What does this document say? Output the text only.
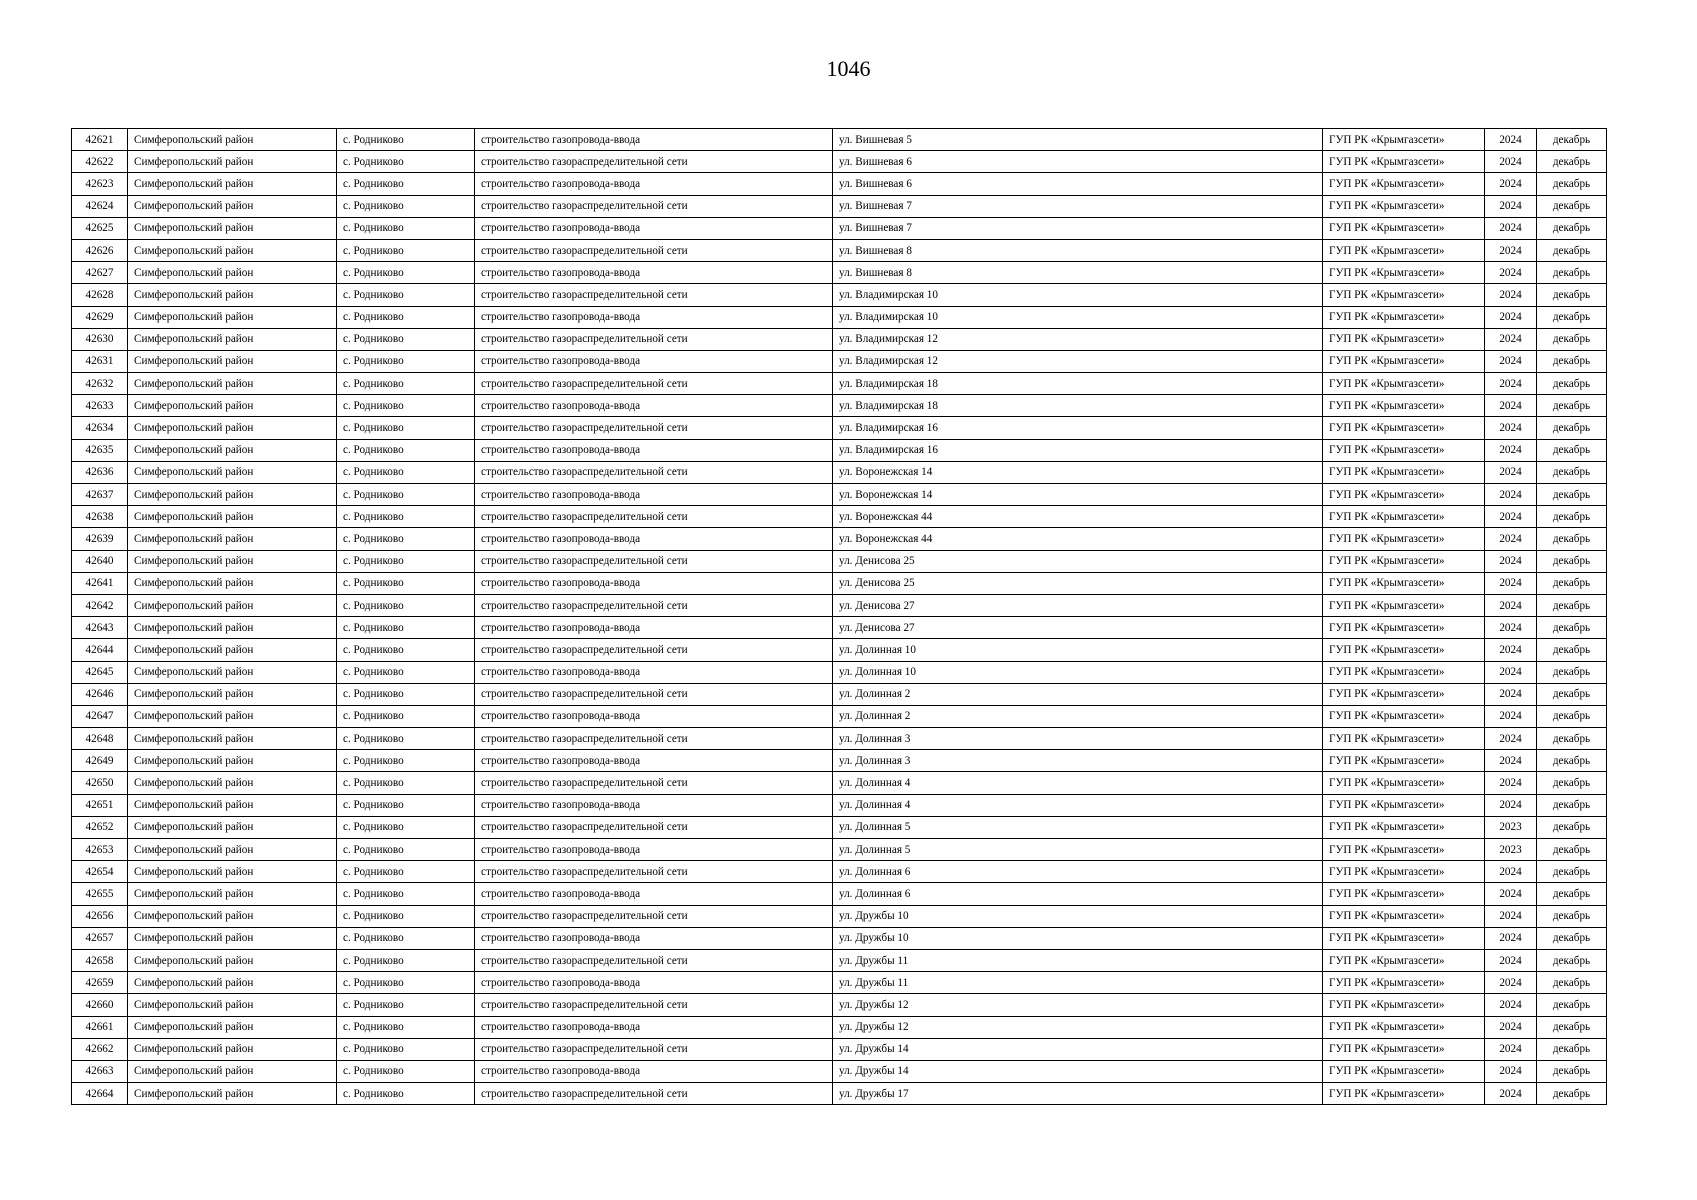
1046
42621	Симферопольский район	с. Родниково	строительство газопровода-ввода	ул. Вишневая 5	ГУП РК «Крымгазсети»	2024	декабрь
42622	Симферопольский район	с. Родниково	строительство газораспределительной сети	ул. Вишневая 6	ГУП РК «Крымгазсети»	2024	декабрь
42623	Симферопольский район	с. Родниково	строительство газопровода-ввода	ул. Вишневая 6	ГУП РК «Крымгазсети»	2024	декабрь
42624	Симферопольский район	с. Родниково	строительство газораспределительной сети	ул. Вишневая 7	ГУП РК «Крымгазсети»	2024	декабрь
42625	Симферопольский район	с. Родниково	строительство газопровода-ввода	ул. Вишневая 7	ГУП РК «Крымгазсети»	2024	декабрь
42626	Симферопольский район	с. Родниково	строительство газораспределительной сети	ул. Вишневая 8	ГУП РК «Крымгазсети»	2024	декабрь
42627	Симферопольский район	с. Родниково	строительство газопровода-ввода	ул. Вишневая 8	ГУП РК «Крымгазсети»	2024	декабрь
42628	Симферопольский район	с. Родниково	строительство газораспределительной сети	ул. Владимирская 10	ГУП РК «Крымгазсети»	2024	декабрь
42629	Симферопольский район	с. Родниково	строительство газопровода-ввода	ул. Владимирская 10	ГУП РК «Крымгазсети»	2024	декабрь
42630	Симферопольский район	с. Родниково	строительство газораспределительной сети	ул. Владимирская 12	ГУП РК «Крымгазсети»	2024	декабрь
42631	Симферопольский район	с. Родниково	строительство газопровода-ввода	ул. Владимирская 12	ГУП РК «Крымгазсети»	2024	декабрь
42632	Симферопольский район	с. Родниково	строительство газораспределительной сети	ул. Владимирская 18	ГУП РК «Крымгазсети»	2024	декабрь
42633	Симферопольский район	с. Родниково	строительство газопровода-ввода	ул. Владимирская 18	ГУП РК «Крымгазсети»	2024	декабрь
42634	Симферопольский район	с. Родниково	строительство газораспределительной сети	ул. Владимирская 16	ГУП РК «Крымгазсети»	2024	декабрь
42635	Симферопольский район	с. Родниково	строительство газопровода-ввода	ул. Владимирская 16	ГУП РК «Крымгазсети»	2024	декабрь
42636	Симферопольский район	с. Родниково	строительство газораспределительной сети	ул. Воронежская 14	ГУП РК «Крымгазсети»	2024	декабрь
42637	Симферопольский район	с. Родниково	строительство газопровода-ввода	ул. Воронежская 14	ГУП РК «Крымгазсети»	2024	декабрь
42638	Симферопольский район	с. Родниково	строительство газораспределительной сети	ул. Воронежская 44	ГУП РК «Крымгазсети»	2024	декабрь
42639	Симферопольский район	с. Родниково	строительство газопровода-ввода	ул. Воронежская 44	ГУП РК «Крымгазсети»	2024	декабрь
42640	Симферопольский район	с. Родниково	строительство газораспределительной сети	ул. Денисова 25	ГУП РК «Крымгазсети»	2024	декабрь
42641	Симферопольский район	с. Родниково	строительство газопровода-ввода	ул. Денисова 25	ГУП РК «Крымгазсети»	2024	декабрь
42642	Симферопольский район	с. Родниково	строительство газораспределительной сети	ул. Денисова 27	ГУП РК «Крымгазсети»	2024	декабрь
42643	Симферопольский район	с. Родниково	строительство газопровода-ввода	ул. Денисова 27	ГУП РК «Крымгазсети»	2024	декабрь
42644	Симферопольский район	с. Родниково	строительство газораспределительной сети	ул. Долинная 10	ГУП РК «Крымгазсети»	2024	декабрь
42645	Симферопольский район	с. Родниково	строительство газопровода-ввода	ул. Долинная 10	ГУП РК «Крымгазсети»	2024	декабрь
42646	Симферопольский район	с. Родниково	строительство газораспределительной сети	ул. Долинная 2	ГУП РК «Крымгазсети»	2024	декабрь
42647	Симферопольский район	с. Родниково	строительство газопровода-ввода	ул. Долинная 2	ГУП РК «Крымгазсети»	2024	декабрь
42648	Симферопольский район	с. Родниково	строительство газораспределительной сети	ул. Долинная 3	ГУП РК «Крымгазсети»	2024	декабрь
42649	Симферопольский район	с. Родниково	строительство газопровода-ввода	ул. Долинная 3	ГУП РК «Крымгазсети»	2024	декабрь
42650	Симферопольский район	с. Родниково	строительство газораспределительной сети	ул. Долинная 4	ГУП РК «Крымгазсети»	2024	декабрь
42651	Симферопольский район	с. Родниково	строительство газопровода-ввода	ул. Долинная 4	ГУП РК «Крымгазсети»	2024	декабрь
42652	Симферопольский район	с. Родниково	строительство газораспределительной сети	ул. Долинная 5	ГУП РК «Крымгазсети»	2023	декабрь
42653	Симферопольский район	с. Родниково	строительство газопровода-ввода	ул. Долинная 5	ГУП РК «Крымгазсети»	2023	декабрь
42654	Симферопольский район	с. Родниково	строительство газораспределительной сети	ул. Долинная 6	ГУП РК «Крымгазсети»	2024	декабрь
42655	Симферопольский район	с. Родниково	строительство газопровода-ввода	ул. Долинная 6	ГУП РК «Крымгазсети»	2024	декабрь
42656	Симферопольский район	с. Родниково	строительство газораспределительной сети	ул. Дружбы 10	ГУП РК «Крымгазсети»	2024	декабрь
42657	Симферопольский район	с. Родниково	строительство газопровода-ввода	ул. Дружбы 10	ГУП РК «Крымгазсети»	2024	декабрь
42658	Симферопольский район	с. Родниково	строительство газораспределительной сети	ул. Дружбы 11	ГУП РК «Крымгазсети»	2024	декабрь
42659	Симферопольский район	с. Родниково	строительство газопровода-ввода	ул. Дружбы 11	ГУП РК «Крымгазсети»	2024	декабрь
42660	Симферопольский район	с. Родниково	строительство газораспределительной сети	ул. Дружбы 12	ГУП РК «Крымгазсети»	2024	декабрь
42661	Симферопольский район	с. Родниково	строительство газопровода-ввода	ул. Дружбы 12	ГУП РК «Крымгазсети»	2024	декабрь
42662	Симферопольский район	с. Родниково	строительство газораспределительной сети	ул. Дружбы 14	ГУП РК «Крымгазсети»	2024	декабрь
42663	Симферопольский район	с. Родниково	строительство газопровода-ввода	ул. Дружбы 14	ГУП РК «Крымгазсети»	2024	декабрь
42664	Симферопольский район	с. Родниково	строительство газораспределительной сети	ул. Дружбы 17	ГУП РК «Крымгазсети»	2024	декабрь
